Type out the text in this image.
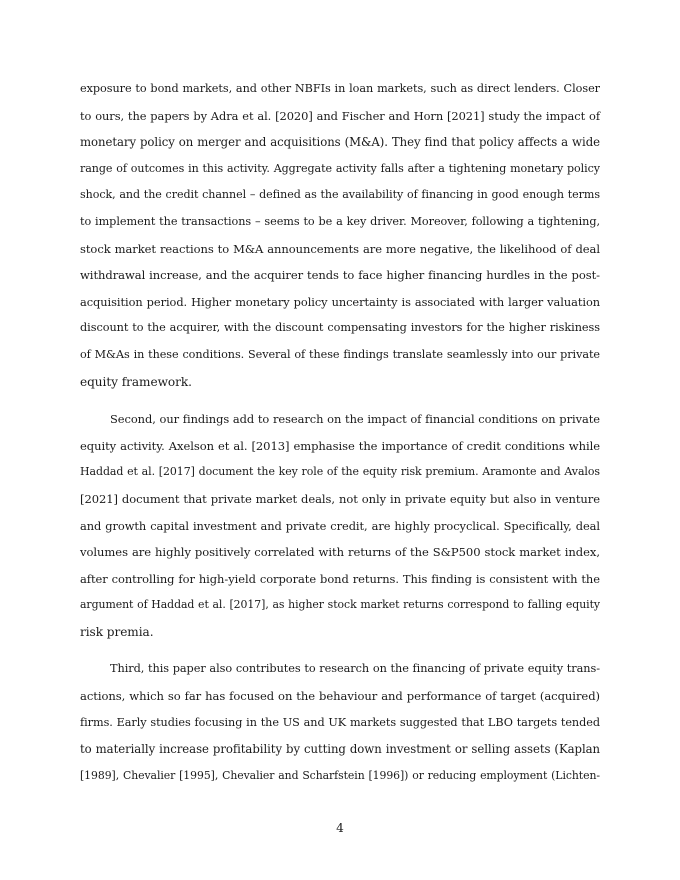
exposure to bond markets, and other NBFIs in loan markets, such as direct lenders. Closer
to ours, the papers by Adra et al. [2020] and Fischer and Horn [2021] study the impact of
monetary policy on merger and acquisitions (M&A). They find that policy affects a wide
range of outcomes in this activity. Aggregate activity falls after a tightening monetary policy
shock, and the credit channel – defined as the availability of financing in good enough terms
to implement the transactions – seems to be a key driver. Moreover, following a tightening,
stock market reactions to M&A announcements are more negative, the likelihood of deal
withdrawal increase, and the acquirer tends to face higher financing hurdles in the post-
acquisition period. Higher monetary policy uncertainty is associated with larger valuation
discount to the acquirer, with the discount compensating investors for the higher riskiness
of M&As in these conditions. Several of these findings translate seamlessly into our private
equity framework.

Second, our findings add to research on the impact of financial conditions on private
equity activity. Axelson et al. [2013] emphasise the importance of credit conditions while
Haddad et al. [2017] document the key role of the equity risk premium. Aramonte and Avalos
[2021] document that private market deals, not only in private equity but also in venture
and growth capital investment and private credit, are highly procyclical. Specifically, deal
volumes are highly positively correlated with returns of the S&P500 stock market index,
after controlling for high-yield corporate bond returns. This finding is consistent with the
argument of Haddad et al. [2017], as higher stock market returns correspond to falling equity
risk premia.

Third, this paper also contributes to research on the financing of private equity trans-
actions, which so far has focused on the behaviour and performance of target (acquired)
firms. Early studies focusing in the US and UK markets suggested that LBO targets tended
to materially increase profitability by cutting down investment or selling assets (Kaplan
[1989], Chevalier [1995], Chevalier and Scharfstein [1996]) or reducing employment (Lichten-

4
